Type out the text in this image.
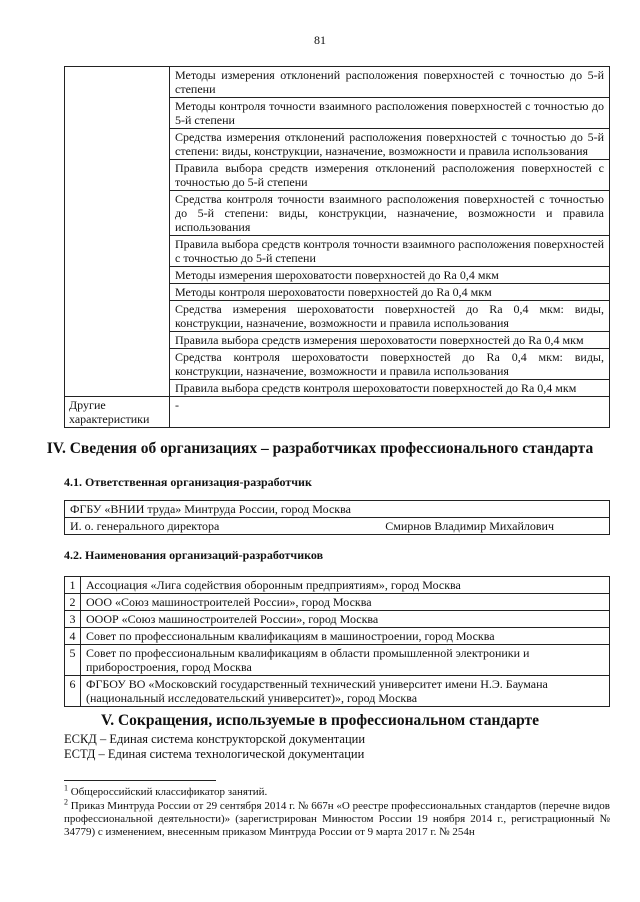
81
	Методы измерения отклонений расположения поверхностей с точностью до 5-й степени
	Методы контроля точности взаимного расположения поверхностей с точностью до 5-й степени
	Средства измерения отклонений расположения поверхностей с точностью до 5-й степени: виды, конструкции, назначение, возможности и правила использования
	Правила выбора средств измерения отклонений расположения поверхностей с точностью до 5-й степени
	Средства контроля точности взаимного расположения поверхностей с точностью до 5-й степени: виды, конструкции, назначение, возможности и правила использования
	Правила выбора средств контроля точности взаимного расположения поверхностей с точностью до 5-й степени
	Методы измерения шероховатости поверхностей до Ra 0,4 мкм
	Методы контроля шероховатости поверхностей до Ra 0,4 мкм
	Средства измерения шероховатости поверхностей до Ra 0,4 мкм: виды, конструкции, назначение, возможности и правила использования
	Правила выбора средств измерения шероховатости поверхностей до Ra 0,4 мкм
	Средства контроля шероховатости поверхностей до Ra 0,4 мкм: виды, конструкции, назначение, возможности и правила использования
	Правила выбора средств контроля шероховатости поверхностей до Ra 0,4 мкм
Другие характеристики	-
IV. Сведения об организациях – разработчиках профессионального стандарта
4.1. Ответственная организация-разработчик
ФГБУ «ВНИИ труда» Минтруда России, город Москва

И. о. генерального директора	Смирнов Владимир Михайлович
4.2. Наименования организаций-разработчиков
1	Ассоциация «Лига содействия оборонным предприятиям», город Москва
2	ООО «Союз машиностроителей России», город Москва
3	ОООР «Союз машиностроителей России», город Москва
4	Совет по профессиональным квалификациям в машиностроении, город Москва
5	Совет по профессиональным квалификациям в области промышленной электроники и приборостроения, город Москва
6	ФГБОУ ВО «Московский государственный технический университет имени Н.Э. Баумана (национальный исследовательский университет)», город Москва
V. Сокращения, используемые в профессиональном стандарте
ЕСКД – Единая система конструкторской документации
ЕСТД – Единая система технологической документации

$^1$ Общероссийский классификатор занятий.

$^2$ Приказ Минтруда России от 29 сентября 2014 г. № 667н «О реестре профессиональных стандартов (перечне видов профессиональной деятельности)» (зарегистрирован Минюстом России 19 ноября 2014 г., регистрационный № 34779) с изменением, внесенным приказом Минтруда России от 9 марта 2017 г. № 254н
